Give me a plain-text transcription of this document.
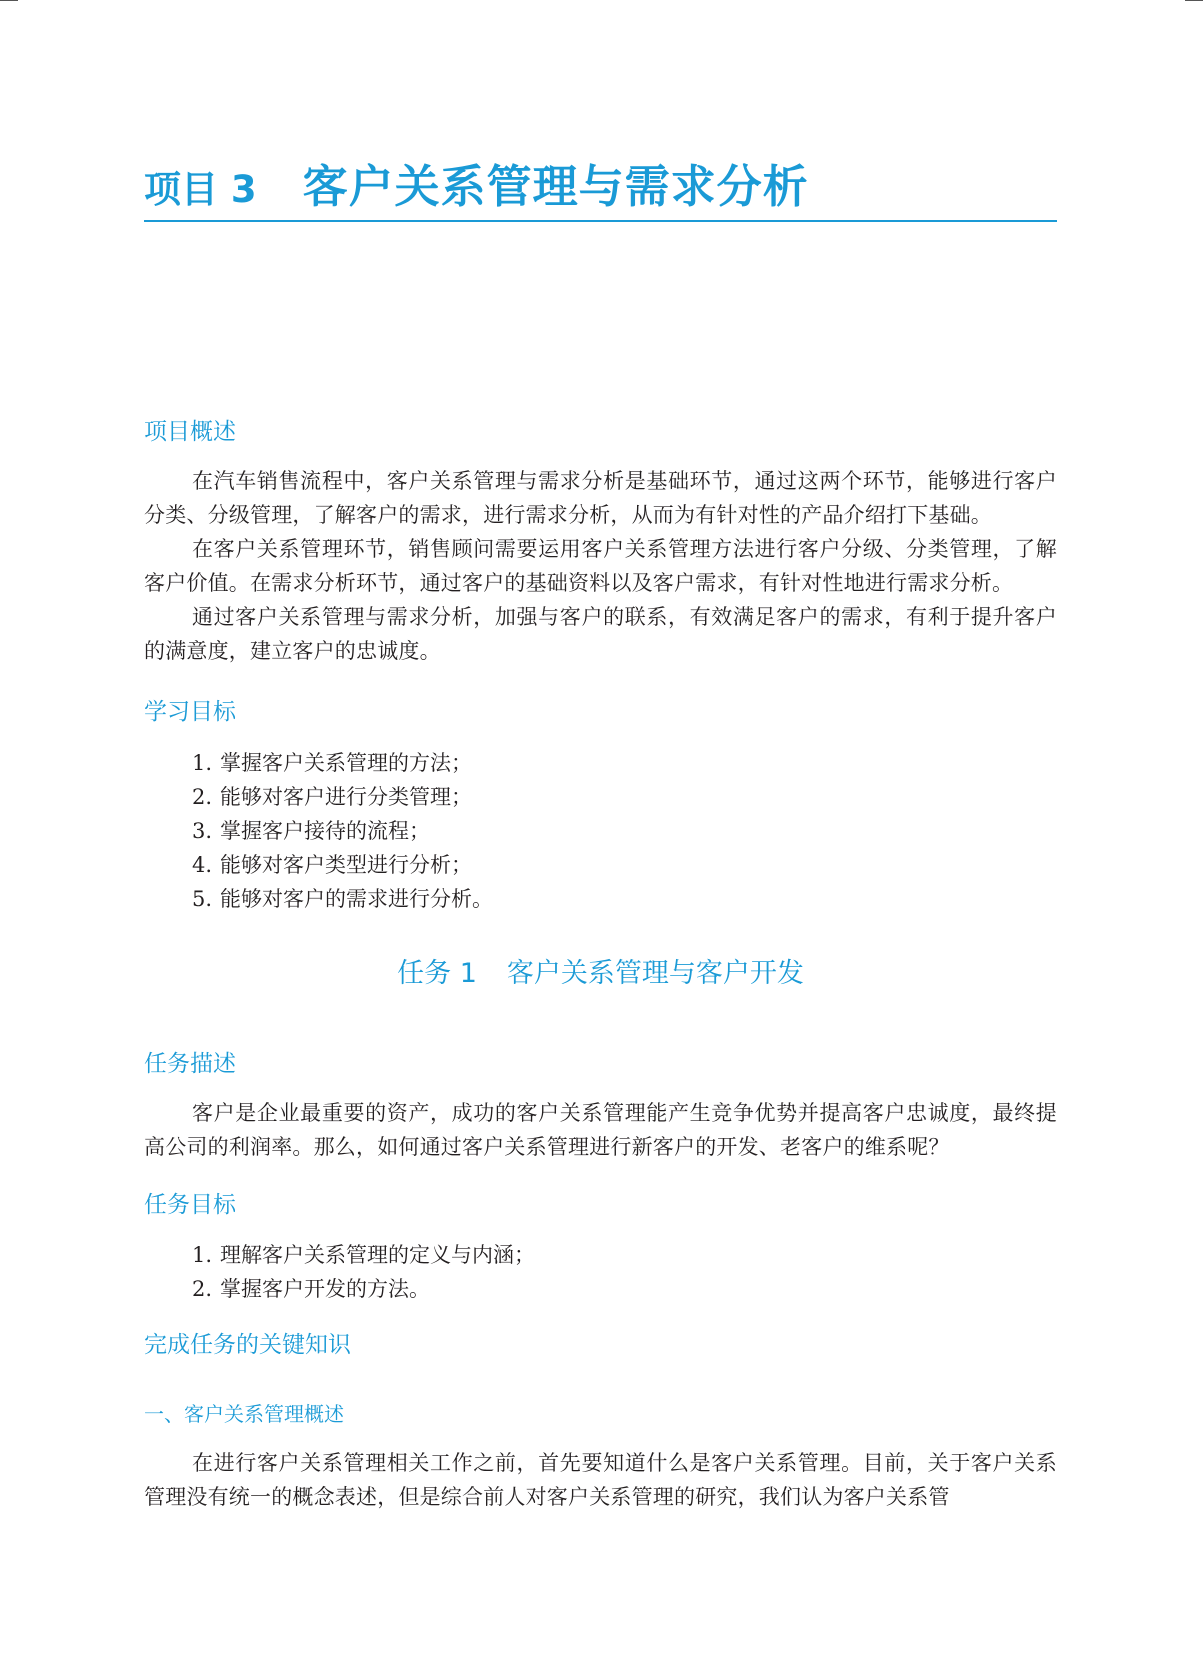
项目 3 客户关系管理与需求分析
项目概述

在汽车销售流程中，客户关系管理与需求分析是基础环节，通过这两个环节，能够进行客户分类、分级管理，了解客户的需求，进行需求分析，从而为有针对性的产品介绍打下基础。

在客户关系管理环节，销售顾问需要运用客户关系管理方法进行客户分级、分类管理，了解客户价值。在需求分析环节，通过客户的基础资料以及客户需求，有针对性地进行需求分析。

通过客户关系管理与需求分析，加强与客户的联系，有效满足客户的需求，有利于提升客户的满意度，建立客户的忠诚度。

学习目标
1. 掌握客户关系管理的方法；
2. 能够对客户进行分类管理；
3. 掌握客户接待的流程；
4. 能够对客户类型进行分析；
5. 能够对客户的需求进行分析。
任务 1 客户关系管理与客户开发
任务描述

客户是企业最重要的资产，成功的客户关系管理能产生竞争优势并提高客户忠诚度，最终提高公司的利润率。那么，如何通过客户关系管理进行新客户的开发、老客户的维系呢？

任务目标
1. 理解客户关系管理的定义与内涵；
2. 掌握客户开发的方法。
完成任务的关键知识
一、客户关系管理概述

在进行客户关系管理相关工作之前，首先要知道什么是客户关系管理。目前，关于客户关系管理没有统一的概念表述，但是综合前人对客户关系管理的研究，我们认为客户关系管
